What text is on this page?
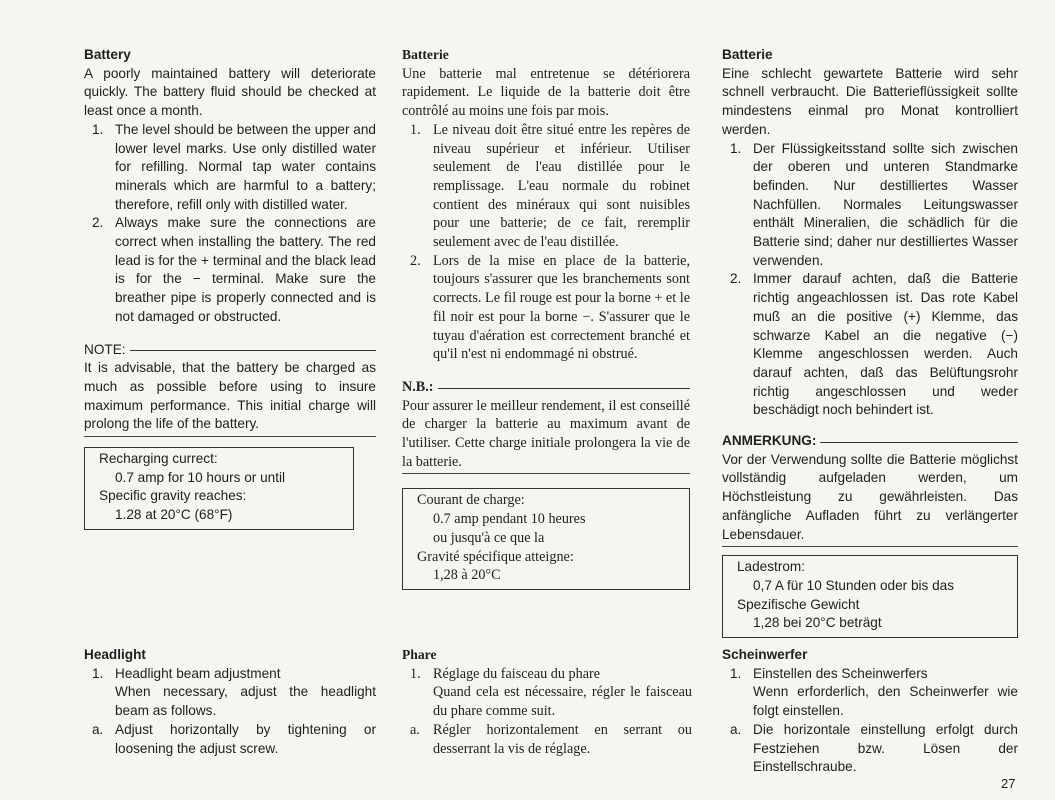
Battery

A poorly maintained battery will deteriorate quickly. The battery fluid should be checked at least once a month.

1. The level should be between the upper and lower level marks. Use only distilled water for refilling. Normal tap water contains minerals which are harmful to a battery; therefore, refill only with distilled water.
2. Always make sure the connections are correct when installing the battery. The red lead is for the + terminal and the black lead is for the − terminal. Make sure the breather pipe is properly connected and is not damaged or obstructed.
NOTE:

It is advisable, that the battery be charged as much as possible before using to insure maximum performance. This initial charge will prolong the life of the battery.

Recharging currect:
0.7 amp for 10 hours or until
Specific gravity reaches:
1.28 at 20°C (68°F)
Batterie

Une batterie mal entretenue se détériorera rapidement. Le liquide de la batterie doit être contrôlé au moins une fois par mois.

1. Le niveau doit être situé entre les repères de niveau supérieur et inférieur. Utiliser seulement de l'eau distillée pour le remplissage. L'eau normale du robinet contient des minéraux qui sont nuisibles pour une batterie; de ce fait, reremplir seulement avec de l'eau distillée.
2. Lors de la mise en place de la batterie, toujours s'assurer que les branchements sont corrects. Le fil rouge est pour la borne + et le fil noir est pour la borne −. S'assurer que le tuyau d'aération est correctement branché et qu'il n'est ni endommagé ni obstrué.
N.B.:

Pour assurer le meilleur rendement, il est conseillé de charger la batterie au maximum avant de l'utiliser. Cette charge initiale prolongera la vie de la batterie.

Courant de charge:
0.7 amp pendant 10 heures
ou jusqu'à ce que la
Gravité spécifique atteigne:
1,28 à 20°C
Batterie

Eine schlecht gewartete Batterie wird sehr schnell verbraucht. Die Batterieflüssigkeit sollte mindestens einmal pro Monat kontrolliert werden.

1. Der Flüssigkeitsstand sollte sich zwischen der oberen und unteren Standmarke befinden. Nur destilliertes Wasser Nachfüllen. Normales Leitungswasser enthält Mineralien, die schädlich für die Batterie sind; daher nur destilliertes Wasser verwenden.
2. Immer darauf achten, daß die Batterie richtig angeachlossen ist. Das rote Kabel muß an die positive (+) Klemme, das schwarze Kabel an die negative (−) Klemme angeschlossen werden. Auch darauf achten, daß das Belüftungsrohr richtig angeschlossen und weder beschädigt noch behindert ist.
ANMERKUNG:

Vor der Verwendung sollte die Batterie möglichst vollständig aufgeladen werden, um Höchstleistung zu gewährleisten. Das anfängliche Aufladen führt zu verlängerter Lebensdauer.

Ladestrom:
0,7 A für 10 Stunden oder bis das
Spezifische Gewicht
1,28 bei 20°C beträgt
Headlight
1. Headlight beam adjustment
When necessary, adjust the headlight beam as follows.
a. Adjust horizontally by tightening or loosening the adjust screw.
Phare
1. Réglage du faisceau du phare
Quand cela est nécessaire, régler le faisceau du phare comme suit.
a. Régler horizontalement en serrant ou desserrant la vis de réglage.
Scheinwerfer
1. Einstellen des Scheinwerfers
Wenn erforderlich, den Scheinwerfer wie folgt einstellen.
a. Die horizontale einstellung erfolgt durch Festziehen bzw. Lösen der Einstellschraube.
27
